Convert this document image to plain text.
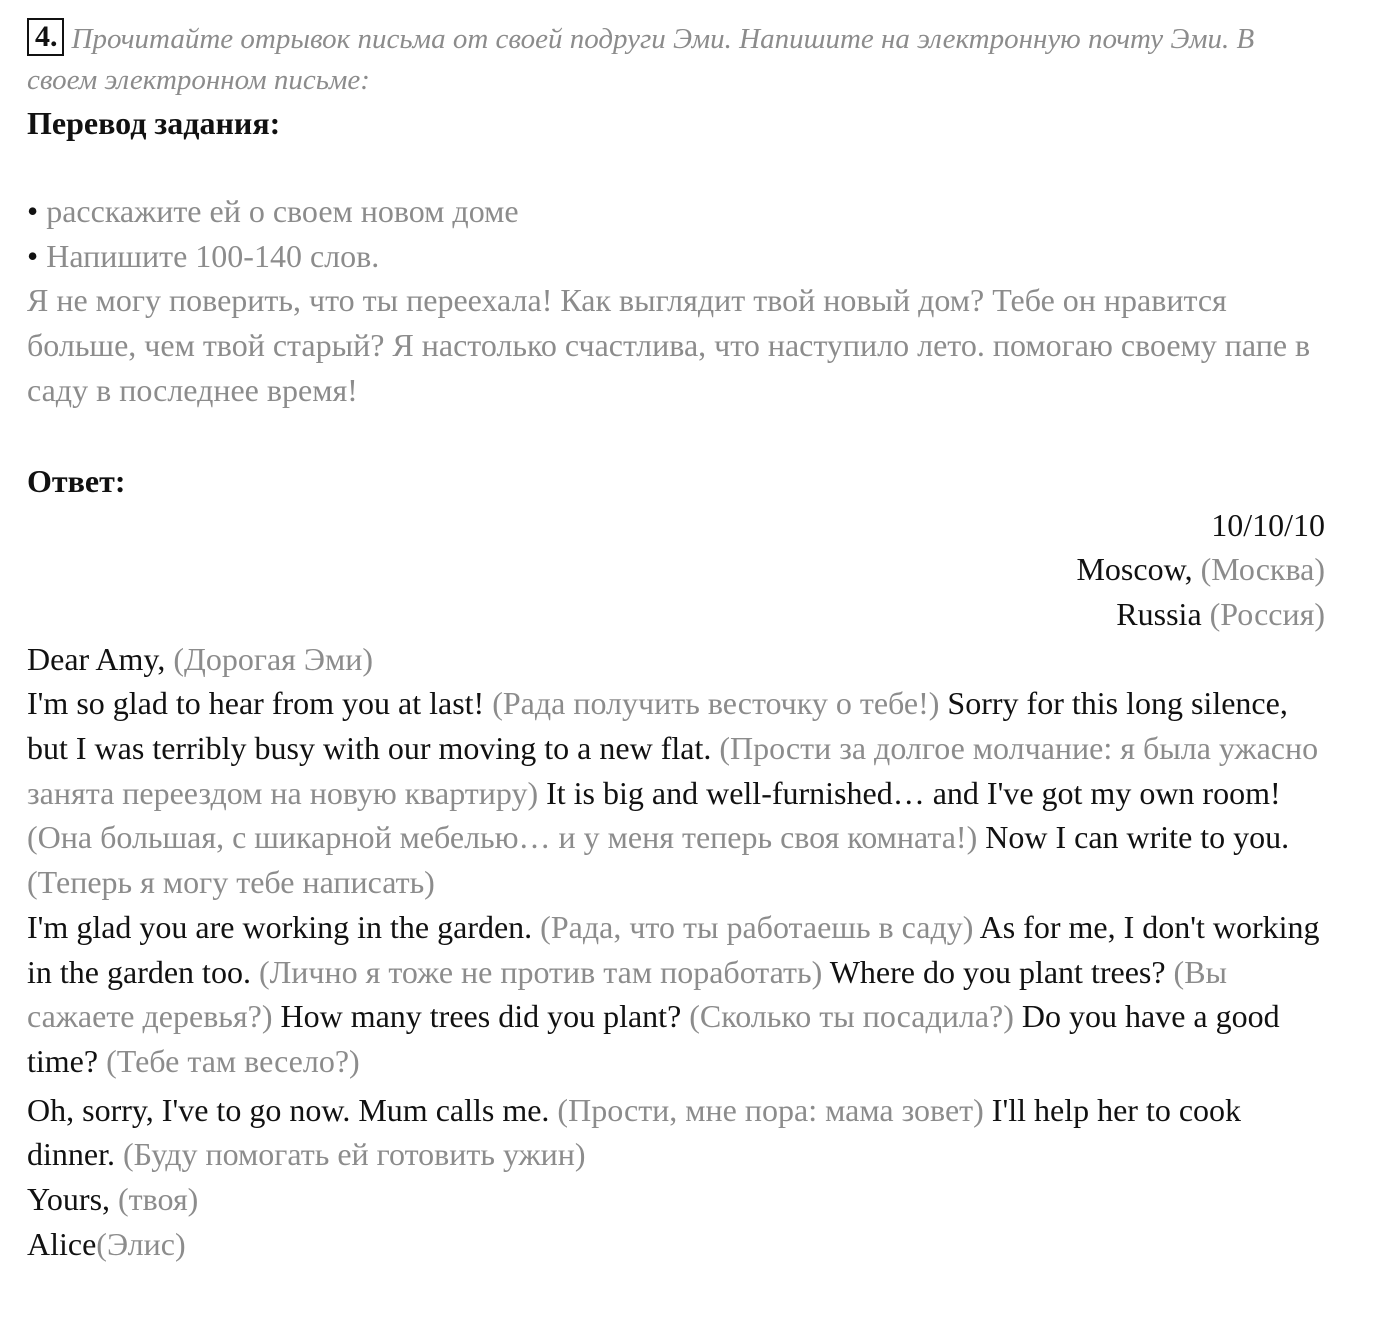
4. Прочитайте отрывок письма от своей подруги Эми. Напишите на электронную почту Эми. В своем электронном письме:

Перевод задания:

• расскажите ей о своем новом доме

• Напишите 100-140 слов.

Я не могу поверить, что ты переехала! Как выглядит твой новый дом? Тебе он нравится больше, чем твой старый? Я настолько счастлива, что наступило лето. помогаю своему папе в саду в последнее время!

Ответ:

10/10/10
Moscow, (Москва)
Russia (Россия)

Dear Amy, (Дорогая Эми)

I'm so glad to hear from you at last! (Рада получить весточку о тебе!) Sorry for this long silence, but I was terribly busy with our moving to a new flat. (Прости за долгое молчание: я была ужасно занята переездом на новую квартиру) It is big and well-furnished… and I've got my own room!(Она большая, с шикарной мебелью… и у меня теперь своя комната!) Now I can write to you. (Теперь я могу тебе написать)

I'm glad you are working in the garden. (Рада, что ты работаешь в саду) As for me, I don't working in the garden too. (Лично я тоже не против там поработать) Where do you plant trees? (Вы сажаете деревья?) How many trees did you plant? (Сколько ты посадила?) Do you have a good time? (Тебе там весело?)

Oh, sorry, I've to go now. Mum calls me. (Прости, мне пора: мама зовет) I'll help her to cook dinner. (Буду помогать ей готовить ужин)

Yours, (твоя)

Alice(Элис)
